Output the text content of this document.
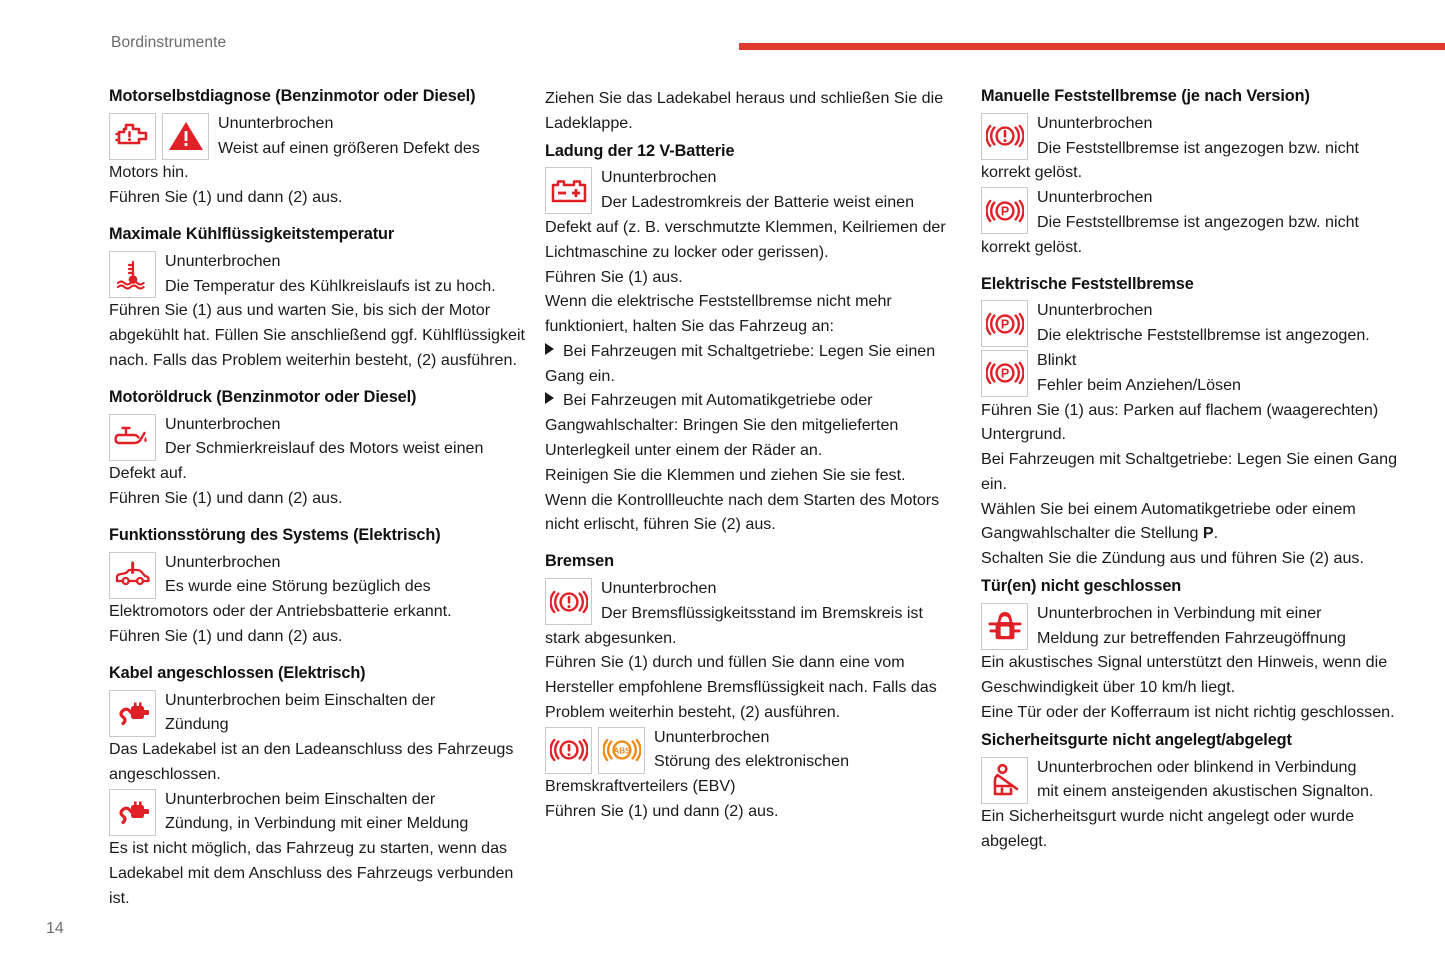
Bordinstrumente
Motorselbstdiagnose (Benzinmotor oder Diesel)

Ununterbrochen

Weist auf einen größeren Defekt des

Motors hin.

Führen Sie (1) und dann (2) aus.

Maximale Kühlflüssigkeitstemperatur

Ununterbrochen

Die Temperatur des Kühlkreislaufs ist zu hoch.

Führen Sie (1) aus und warten Sie, bis sich der Motor abgekühlt hat. Füllen Sie anschließend ggf. Kühlflüssigkeit nach. Falls das Problem weiterhin besteht, (2) ausführen.

Motoröldruck (Benzinmotor oder Diesel)

Ununterbrochen

Der Schmierkreislauf des Motors weist einen

Defekt auf.

Führen Sie (1) und dann (2) aus.

Funktionsstörung des Systems (Elektrisch)

Ununterbrochen

Es wurde eine Störung bezüglich des

Elektromotors oder der Antriebsbatterie erkannt.

Führen Sie (1) und dann (2) aus.

Kabel angeschlossen (Elektrisch)

Ununterbrochen beim Einschalten der

Zündung

Das Ladekabel ist an den Ladeanschluss des Fahrzeugs angeschlossen.

Ununterbrochen beim Einschalten der

Zündung, in Verbindung mit einer Meldung

Es ist nicht möglich, das Fahrzeug zu starten, wenn das Ladekabel mit dem Anschluss des Fahrzeugs verbunden ist.

Ziehen Sie das Ladekabel heraus und schließen Sie die Ladeklappe.

Ladung der 12 V-Batterie

Ununterbrochen

Der Ladestromkreis der Batterie weist einen

Defekt auf (z. B. verschmutzte Klemmen, Keilriemen der Lichtmaschine zu locker oder gerissen).

Führen Sie (1) aus.

Wenn die elektrische Feststellbremse nicht mehr funktioniert, halten Sie das Fahrzeug an:

Bei Fahrzeugen mit Schaltgetriebe: Legen Sie einen Gang ein.

Bei Fahrzeugen mit Automatikgetriebe oder Gangwahlschalter: Bringen Sie den mitgelieferten Unterlegkeil unter einem der Räder an.

Reinigen Sie die Klemmen und ziehen Sie sie fest.

Wenn die Kontrollleuchte nach dem Starten des Motors nicht erlischt, führen Sie (2) aus.

Bremsen

Ununterbrochen

Der Bremsflüssigkeitsstand im Bremskreis ist

stark abgesunken.

Führen Sie (1) durch und füllen Sie dann eine vom Hersteller empfohlene Bremsflüssigkeit nach. Falls das Problem weiterhin besteht, (2) ausführen.

ABS

Ununterbrochen

Störung des elektronischen

Bremskraftverteilers (EBV)

Führen Sie (1) und dann (2) aus.

Manuelle Feststellbremse (je nach Version)

Ununterbrochen

Die Feststellbremse ist angezogen bzw. nicht

korrekt gelöst.

P

Ununterbrochen

Die Feststellbremse ist angezogen bzw. nicht

korrekt gelöst.

Elektrische Feststellbremse
P

Ununterbrochen

Die elektrische Feststellbremse ist angezogen.

P

Blinkt

Fehler beim Anziehen/Lösen

Führen Sie (1) aus: Parken auf flachem (waagerechten) Untergrund.

Bei Fahrzeugen mit Schaltgetriebe: Legen Sie einen Gang ein.

Wählen Sie bei einem Automatikgetriebe oder einem Gangwahlschalter die Stellung P.

Schalten Sie die Zündung aus und führen Sie (2) aus.

Tür(en) nicht geschlossen

Ununterbrochen in Verbindung mit einer

Meldung zur betreffenden Fahrzeugöffnung

Ein akustisches Signal unterstützt den Hinweis, wenn die Geschwindigkeit über 10 km/h liegt.

Eine Tür oder der Kofferraum ist nicht richtig geschlossen.

Sicherheitsgurte nicht angelegt/abgelegt

Ununterbrochen oder blinkend in Verbindung

mit einem ansteigenden akustischen Signalton.

Ein Sicherheitsgurt wurde nicht angelegt oder wurde abgelegt.

14
